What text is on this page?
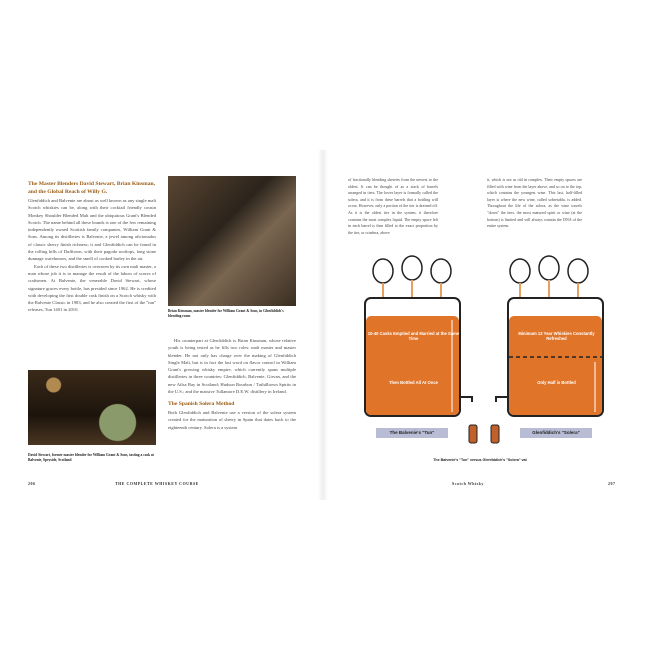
The Master Blenders David Stewart, Brian Kinsman, and the Global Reach of Willy G.
Glenfiddich and Balvenie are about as well known as any single malt Scotch whiskies can be, along with their cocktail friendly cousin Monkey Shoulder Blended Malt and the ubiquitous Grant's Blended Scotch. The name behind all these brands is one of the few remaining independently owned Scottish family companies, William Grant & Sons. Among its distilleries is Balvenie, a jewel among aficionados of classic sherry finish richness; it and Glenfiddich can be found in the rolling hills of Dufftown, with their pagoda rooftops, long stone dunnage warehouses, and the smell of cooked barley in the air.
Each of these two distilleries is overseen by its own malt master, a man whose job it is to manage the result of the labors of scores of craftsmen. At Balvenie, the venerable David Stewart, whose signature graces every bottle, has presided since 1962. He is credited with developing the first double cask finish on a Scotch whisky with the Balvenie Classic in 1983, and he also created the first of the "tun" releases, Tun 1401 in 2010.	Brian Kinsman, master blender for William Grant & Sons, in Glenfiddich's blending room
David Stewart, former master blender for William Grant & Sons, tasting a cask at Balvenie, Speyside, Scotland
His counterpart at Glenfiddich is Brian Kinsman, whose relative youth is being tested as he fills two roles: malt master and master blender. He not only has charge over the making of Glenfiddich Single Malt, but is in fact the last word on flavor control in William Grant's growing whisky empire, which currently spans multiple distilleries in three countries: Glenfiddich, Balvenie, Girvan, and the new Ailsa Bay in Scotland; Hudson Bourbon / Tuthilltown Spirits in the U.S.; and the massive Tullamore D.E.W. distillery in Ireland.
The Spanish Solera Method
Both Glenfiddich and Balvenie use a version of the solera system created for the maturation of sherry in Spain that dates back to the eighteenth century. Solera is a system
206	THE COMPLETE WHISKEY COURSE
of fractionally blending sherries from the newest to the oldest. It can be thought of as a stack of barrels arranged in tiers. The lower layer is formally called the solera, and it is from these barrels that a bottling will occur. However, only a portion of the tier is drained off. As it is the oldest tier in the system, it therefore contains the most complex liquid. The empty space left in each barrel is then filled to the exact proportion by the tier, or criadera, above
it, which is not as old in complex. Their empty spaces are filled with wine from the layer above, and so on to the top, which contains the youngest wine. This last, half-filled layer is where the new wine, called sobretabla, is added. Throughout the life of the solera, as the wine travels "down" the tiers, the most matured spirit or wine (at the bottom) is limited and will always contain the DNA of the entire system.
10-40 Casks Emptied and Married at the Same Time
Then Bottled All At Once
Minimum 12 Year Whiskies Constantly Refreshed
Only Half is Bottled
The Balvenie's "Tun"	Glenfiddich's "Solera"
The Balvenie's "Tun" versus Glenfiddich's "Solera" vat
Scotch Whisky	207
